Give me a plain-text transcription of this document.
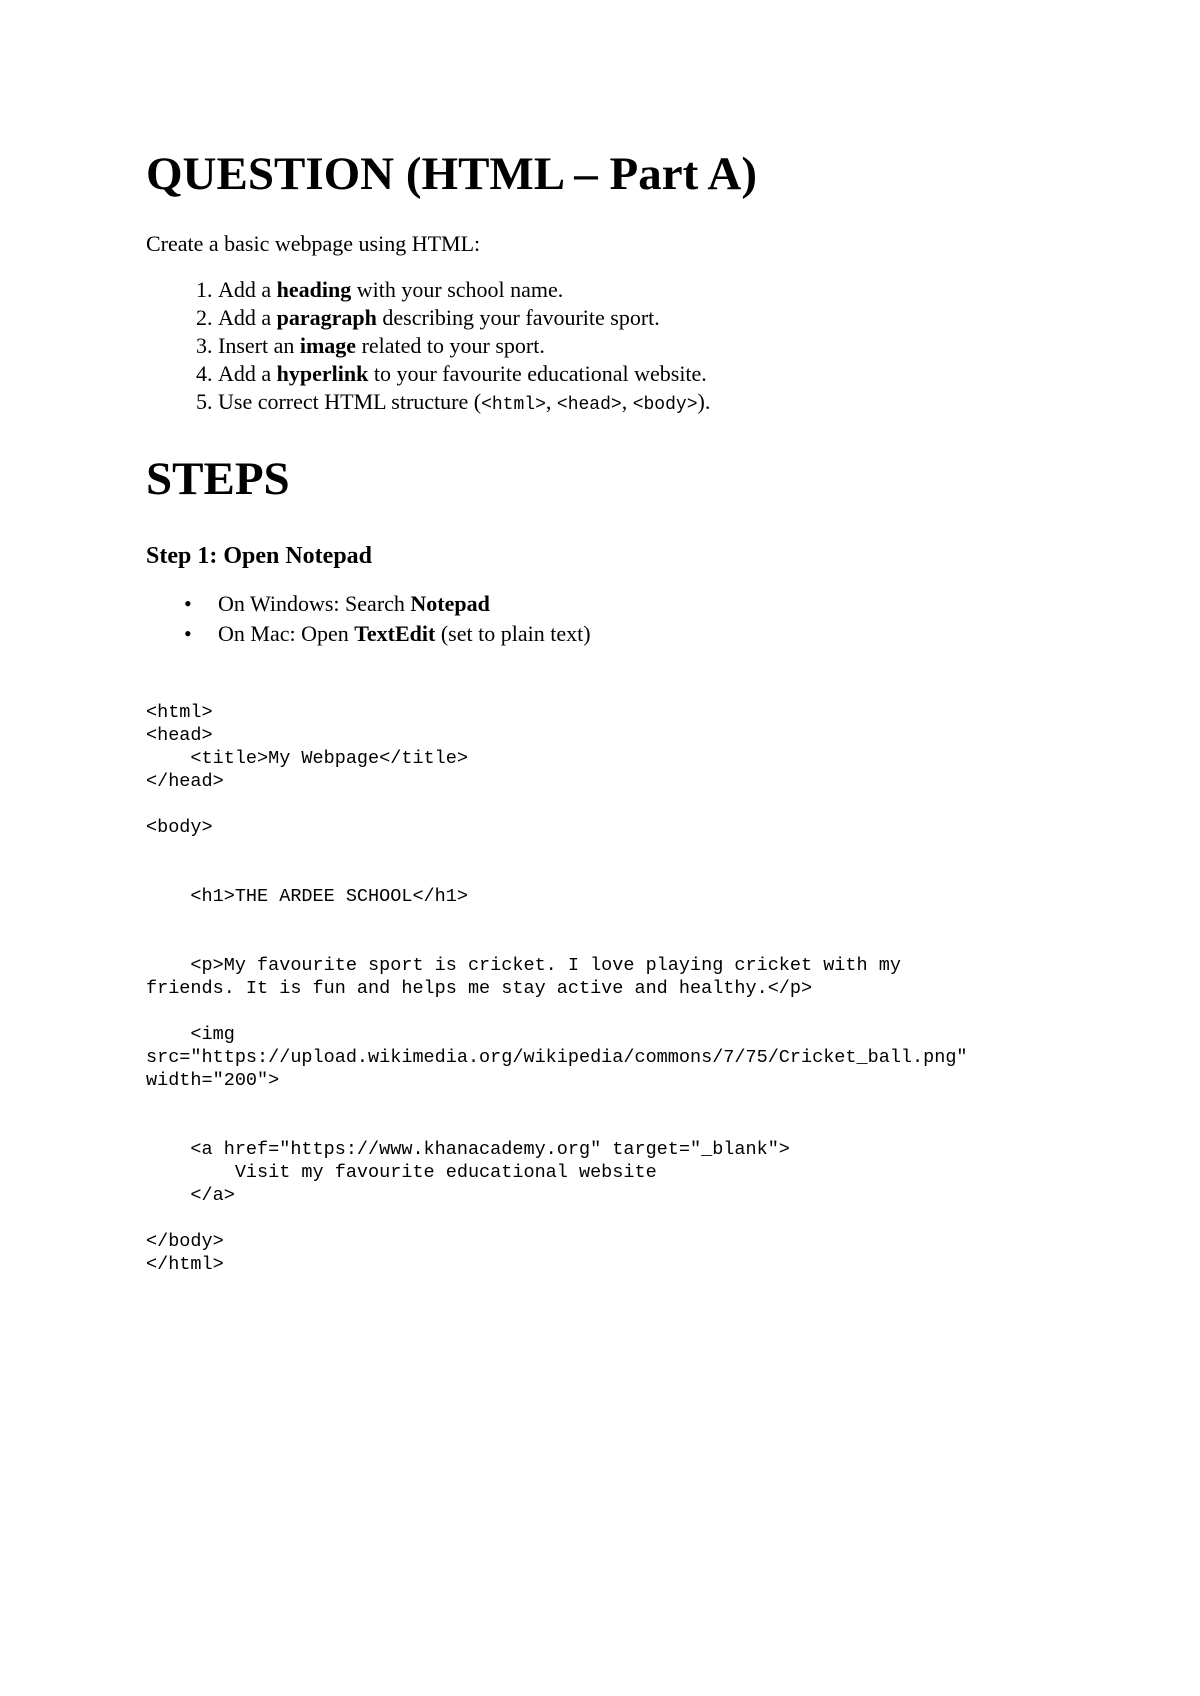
QUESTION (HTML – Part A)

Create a basic webpage using HTML:

1. Add a heading with your school name.
2. Add a paragraph describing your favourite sport.
3. Insert an image related to your sport.
4. Add a hyperlink to your favourite educational website.
5. Use correct HTML structure (<html>, <head>, <body>).
STEPS
Step 1: Open Notepad
• On Windows: Search Notepad
• On Mac: Open TextEdit (set to plain text)
<html>
<head>
<title>My Webpage</title>
</head>

<body>

<h1>THE ARDEE SCHOOL</h1>

<p>My favourite sport is cricket. I love playing cricket with my
friends. It is fun and helps me stay active and healthy.</p>

<img
src="https://upload.wikimedia.org/wikipedia/commons/7/75/Cricket_ball.png"
width="200">

<a href="https://www.khanacademy.org" target="_blank">
Visit my favourite educational website
</a>

</body>
</html>
